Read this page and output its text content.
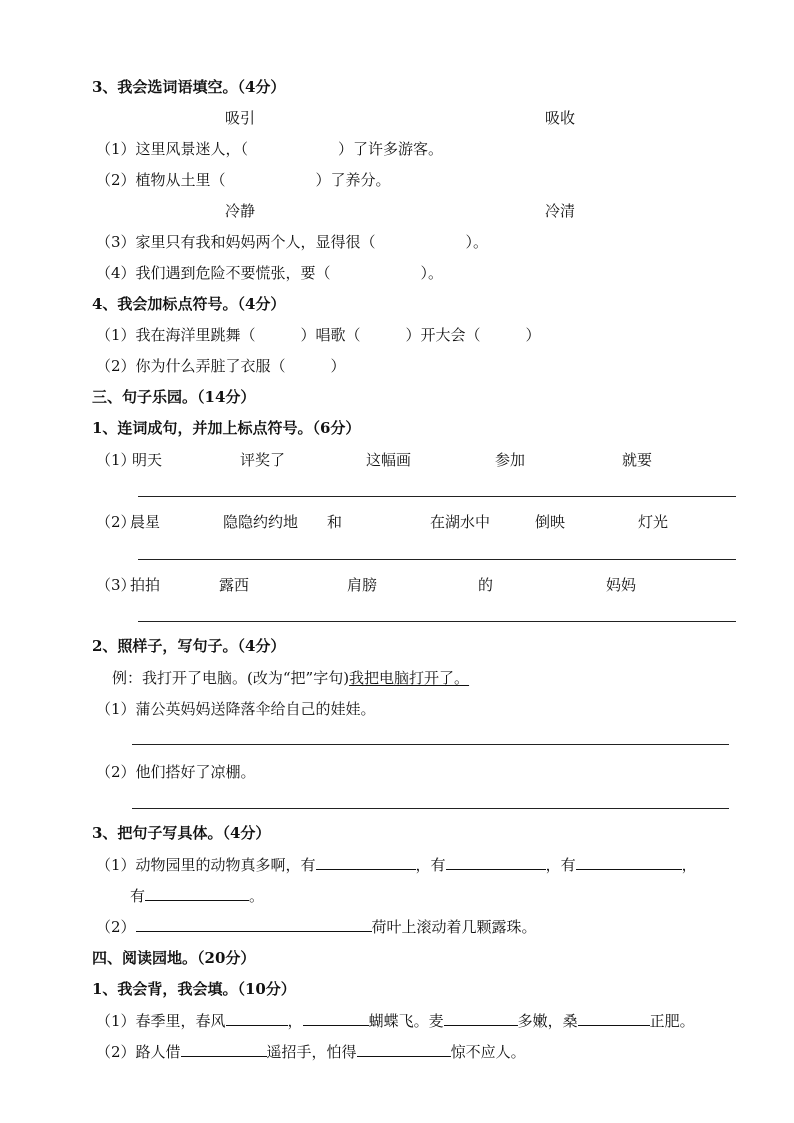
3、我会选词语填空。（4分）
吸引	吸收
（1）这里风景迷人，（　　　　　　）了许多游客。
（2）植物从土里（　　　　　　）了养分。
冷静	冷清
（3）家里只有我和妈妈两个人，显得很（　　　　　　）。
（4）我们遇到危险不要慌张，要（　　　　　　）。
4、我会加标点符号。（4分）
（1）我在海洋里跳舞（　　　）唱歌（　　　）开大会（　　　）
（2）你为什么弄脏了衣服（　　　）
三、句子乐园。（14分）
1、连词成句，并加上标点符号。（6分）
（1）
明天	评奖了	这幅画	参加	就要
（2）
晨星	隐隐约约地 和	在湖水中	倒映	灯光
（3）
拍拍	露西	肩膀	的	妈妈
2、照样子，写句子。（4分）
例：我打开了电脑。(改为“把”字句)我把电脑打开了。
（1）蒲公英妈妈送降落伞给自己的娃娃。
（2）他们搭好了凉棚。
3、把句子写具体。（4分）
（1）动物园里的动物真多啊，有	，有	，有	，
有	。
（2）	荷叶上滚动着几颗露珠。
四、阅读园地。（20分）
1、我会背，我会填。（10分）
（1）春季里，春风	，	蝴蝶飞。麦	多嫩，桑	正肥。
（2）路人借	遥招手，怕得	惊不应人。
